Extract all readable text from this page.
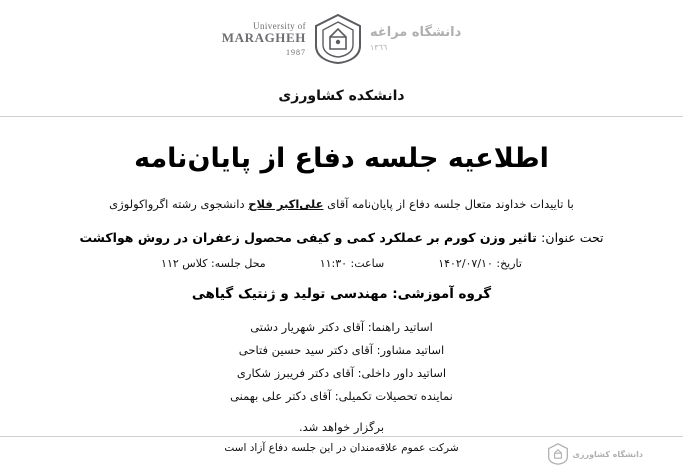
دانشگاه مراغه
١٣٦٦
University of
MARAGHEH
1987
دانشکده کشاورزی
اطلاعیه جلسه دفاع از پایان‌نامه
با تاییدات خداوند متعال جلسه دفاع از پایان‌نامه آقای علی‌اکبر فلاح دانشجوی رشته اگرواکولوژی
تحت عنوان: تاثیر وزن کورم بر عملکرد کمی و کیفی محصول زعفران در روش هواکشت
تاریخ: ۱۴۰۲/۰۷/۱۰
ساعت: ۱۱:۳۰
محل جلسه: کلاس ۱۱۲
گروه آموزشی: مهندسی تولید و ژنتیک گیاهی
اساتید راهنما: آقای دکتر شهریار دشتی
اساتید مشاور: آقای دکتر سید حسین فتاحی
اساتید داور داخلی: آقای دکتر فریبرز شکاری
نماینده تحصیلات تکمیلی: آقای دکتر علی بهمنی
برگزار خواهد شد.
شرکت عموم علاقه‌مندان در این جلسه دفاع آزاد است
دانشگاه کشاورزی
